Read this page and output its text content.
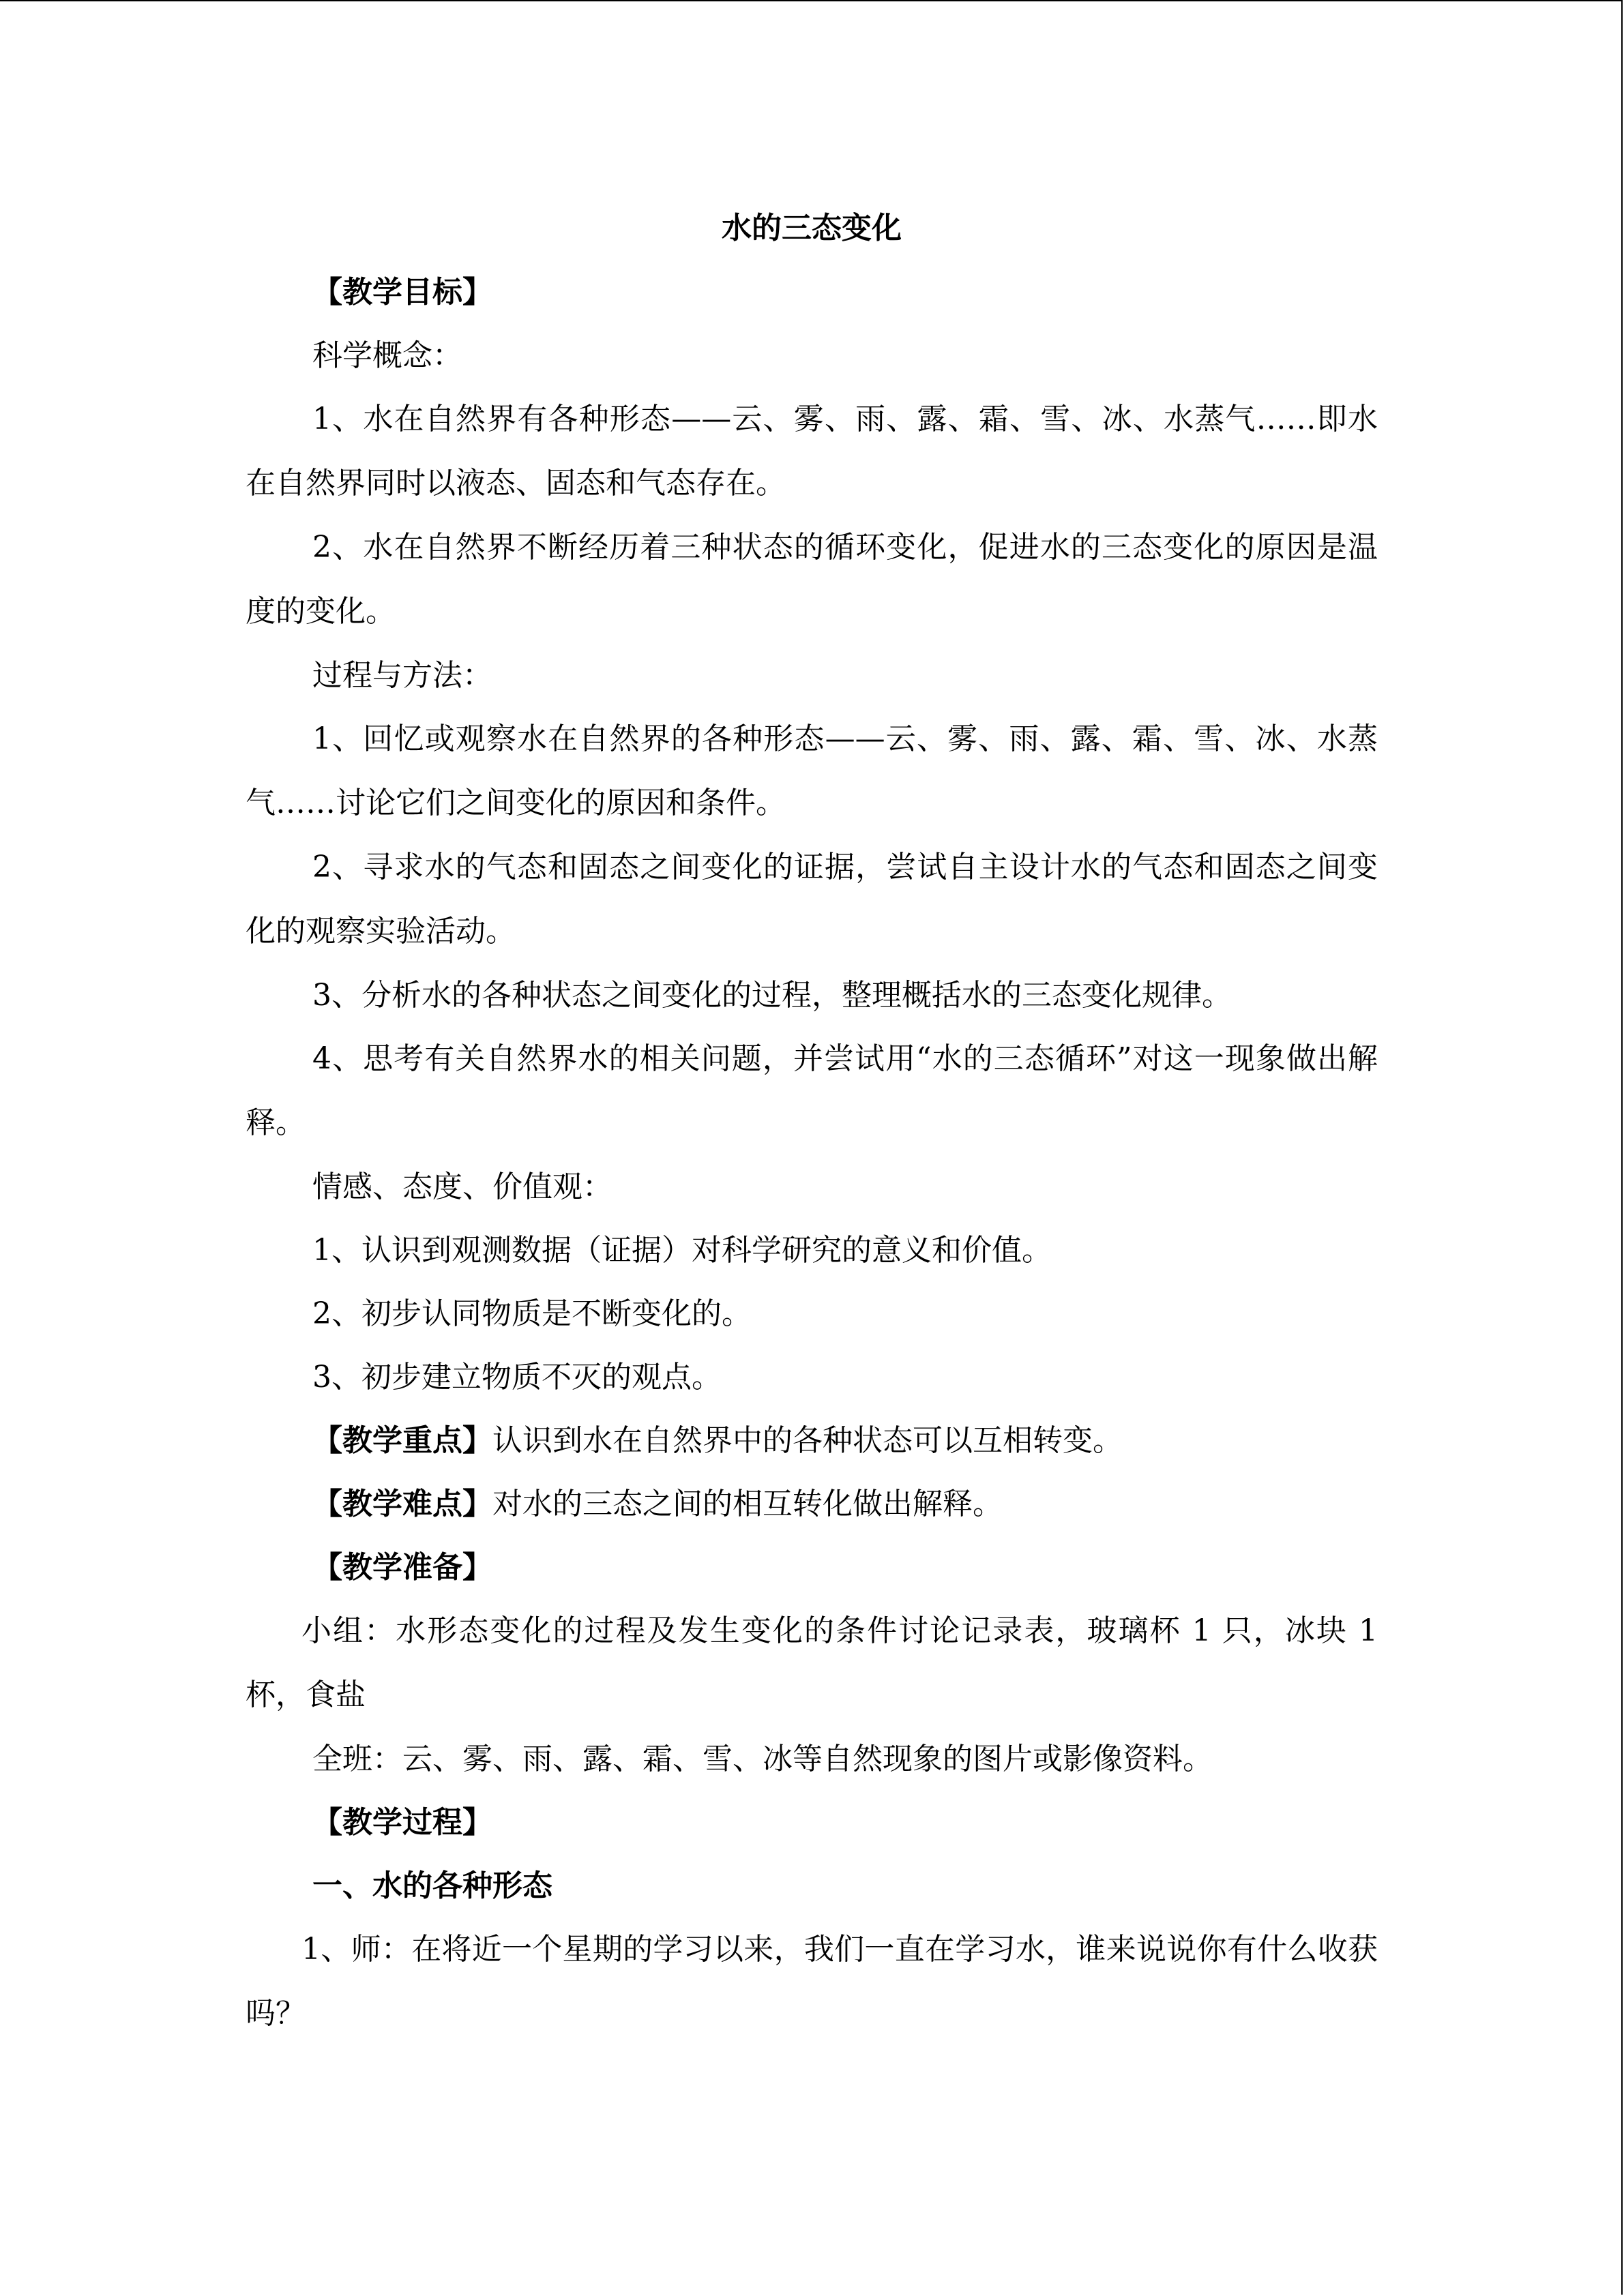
水的三态变化

【教学目标】

科学概念：

1、水在自然界有各种形态——云、雾、雨、露、霜、雪、冰、水蒸气……即水在自然界同时以液态、固态和气态存在。

2、水在自然界不断经历着三种状态的循环变化，促进水的三态变化的原因是温度的变化。

过程与方法：

1、回忆或观察水在自然界的各种形态——云、雾、雨、露、霜、雪、冰、水蒸气……讨论它们之间变化的原因和条件。

2、寻求水的气态和固态之间变化的证据，尝试自主设计水的气态和固态之间变化的观察实验活动。

3、分析水的各种状态之间变化的过程，整理概括水的三态变化规律。

4、思考有关自然界水的相关问题，并尝试用“水的三态循环”对这一现象做出解释。

情感、态度、价值观：

1、认识到观测数据（证据）对科学研究的意义和价值。

2、初步认同物质是不断变化的。

3、初步建立物质不灭的观点。

【教学重点】认识到水在自然界中的各种状态可以互相转变。

【教学难点】对水的三态之间的相互转化做出解释。

【教学准备】

小组：水形态变化的过程及发生变化的条件讨论记录表，玻璃杯 1 只，冰块 1 杯，食盐

全班：云、雾、雨、露、霜、雪、冰等自然现象的图片或影像资料。

【教学过程】

一、水的各种形态

1、师：在将近一个星期的学习以来，我们一直在学习水，谁来说说你有什么收获吗？
